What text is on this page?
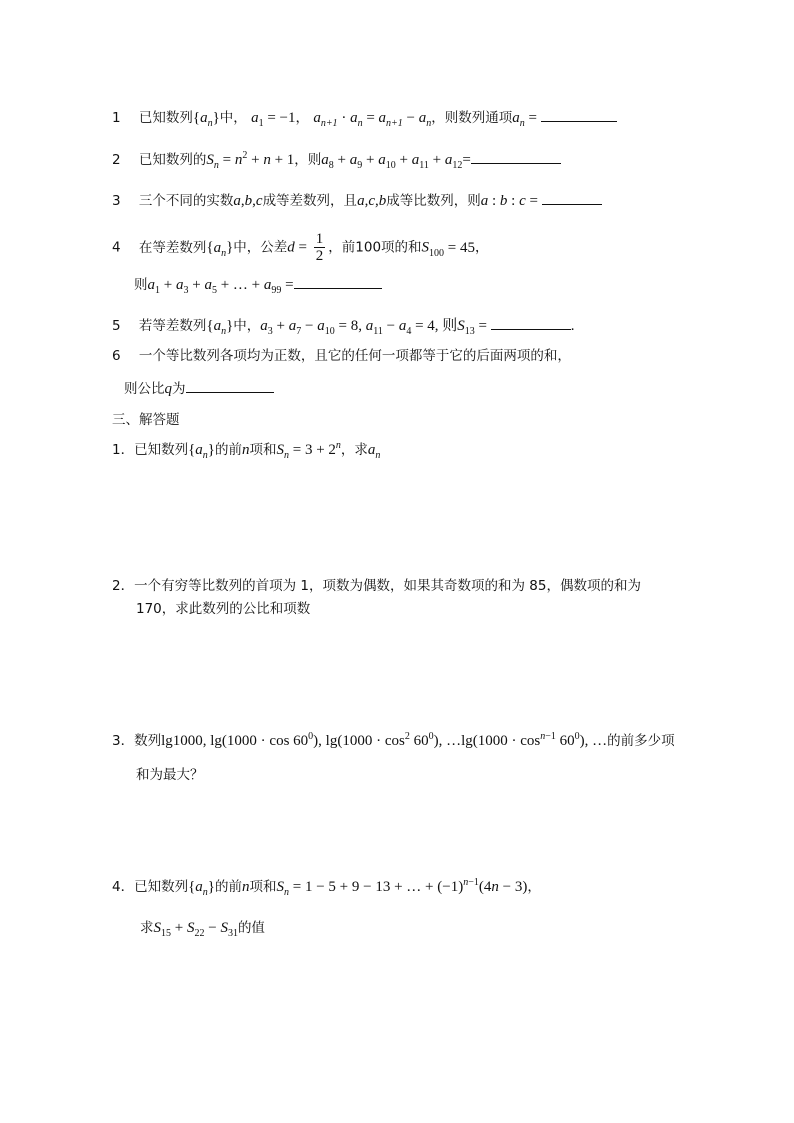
1 已知数列$\{a_n\}$中， $a_1 = -1$， $a_{n+1} \cdot a_n = a_{n+1} - a_n$，则数列通项$a_n$ =
2 已知数列的$S_n = n^2 + n + 1$，则$a_8 + a_9 + a_{10} + a_{11} + a_{12}=$
3 三个不同的实数a,b,c成等差数列，且a,c,b成等比数列，则a : b : c =
4 在等差数列$\{a_n\}$中，公差$d = \frac{1}{2}$ ，前100项的和$S_{100} = 45$，
则$a_1 + a_3 + a_5$ + … + $a_{99}$ =
5 若等差数列$\{a_n\}$中，$a_3 + a_7 - a_{10} = 8$, $a_{11} - a_4 = 4$, 则$S_{13}$ =	.
6 一个等比数列各项均为正数，且它的任何一项都等于它的后面两项的和，
则公比q为
三、解答题
1．已知数列$\{a_n\}$的前n项和$S_n = 3 + 2^n$，求$a_n$
2．一个有穷等比数列的首项为 1，项数为偶数，如果其奇数项的和为 85，偶数项的和为
170，求此数列的公比和项数
3．数列lg1000, $\lg(1000 \cdot \cos 60^0)$, $\lg(1000 \cdot \cos^2 60^0)$, …lg(1000 · $\cos^{n-1} 60^0$), …的前多少项
和为最大？
4．已知数列$\{a_n\}$的前n项和$S_n = 1 - 5 + 9 - 13$ + … + $(-1)^{n-1}(4n - 3)$，
求$S_{15} + S_{22} - S_{31}$的值
